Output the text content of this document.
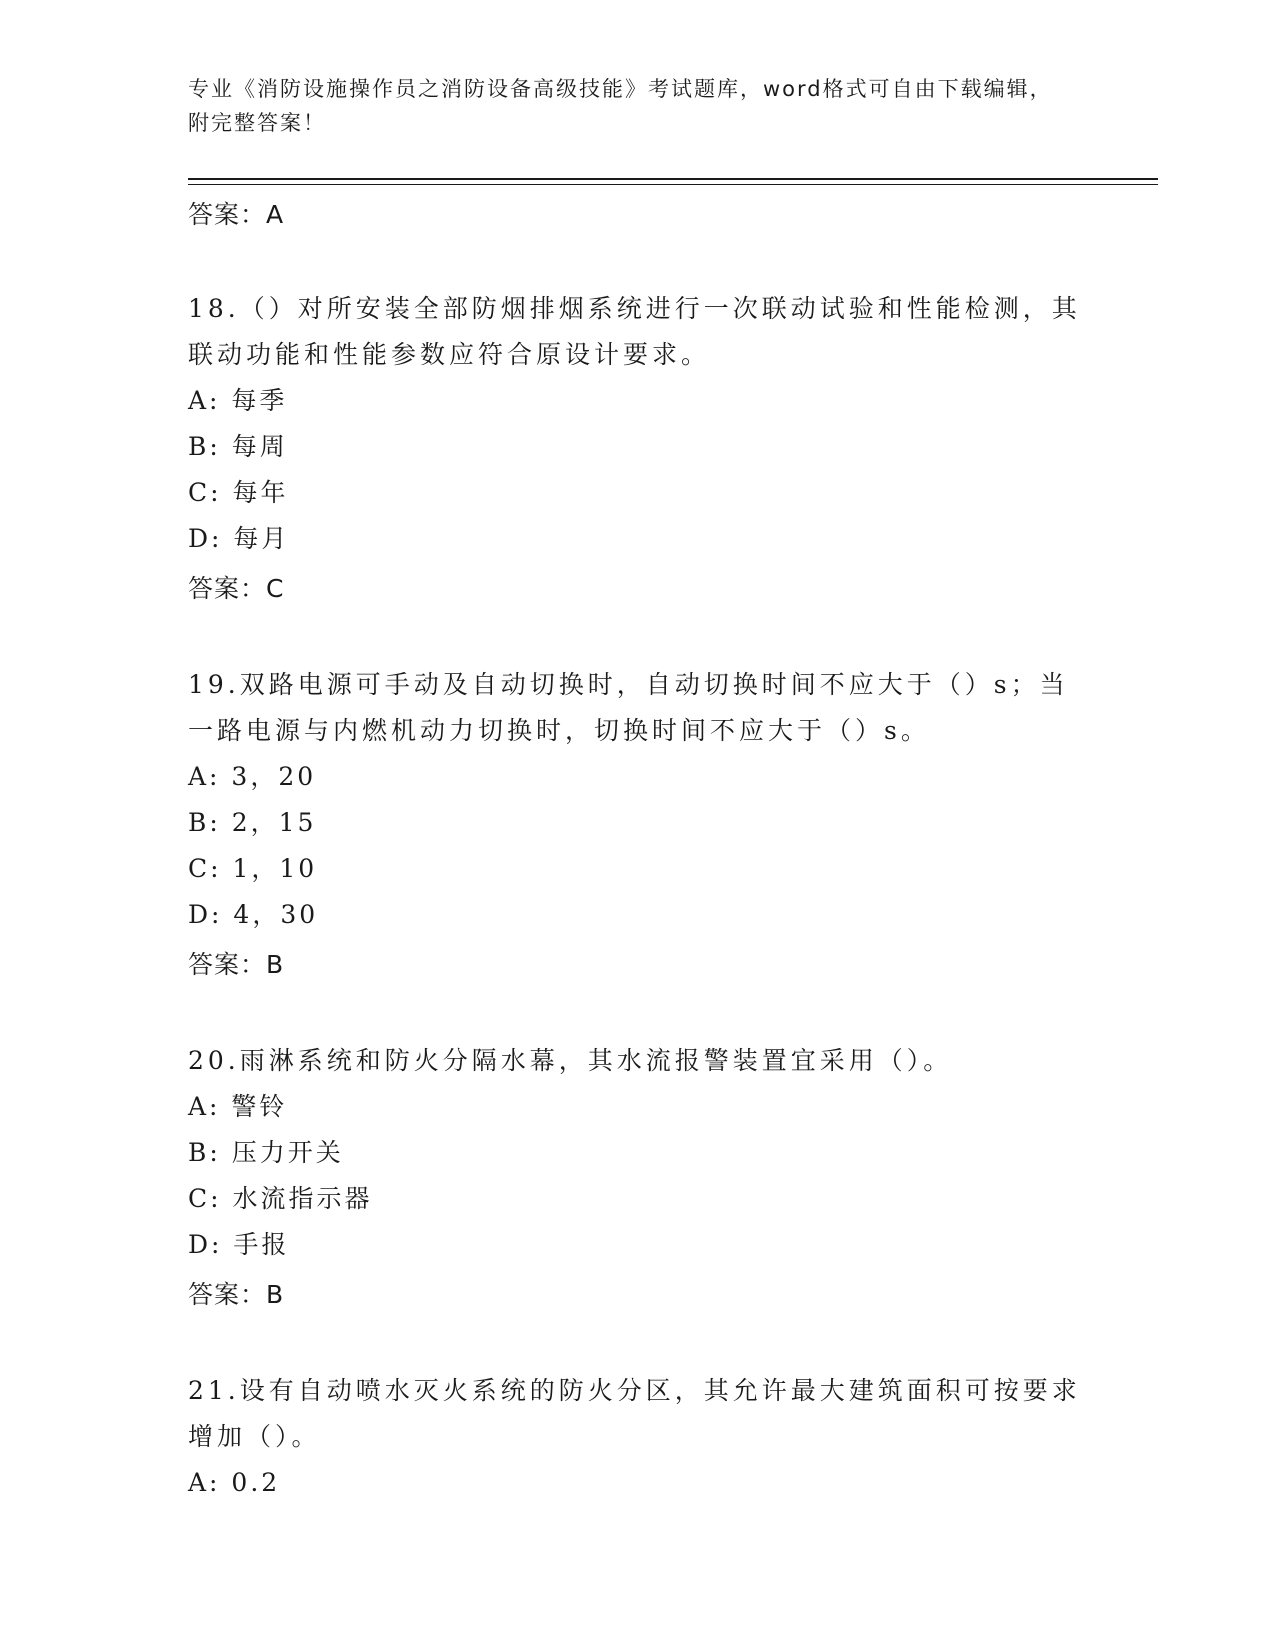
专业《消防设施操作员之消防设备高级技能》考试题库，word格式可自由下载编辑，附完整答案！
答案：A
18.（）对所安装全部防烟排烟系统进行一次联动试验和性能检测，其联动功能和性能参数应符合原设计要求。
A: 每季
B: 每周
C: 每年
D: 每月
答案：C
19.双路电源可手动及自动切换时，自动切换时间不应大于（）s；当一路电源与内燃机动力切换时，切换时间不应大于（）s。
A: 3，20
B: 2，15
C: 1，10
D: 4，30
答案：B
20.雨淋系统和防火分隔水幕，其水流报警装置宜采用（）。
A: 警铃
B: 压力开关
C: 水流指示器
D: 手报
答案：B
21.设有自动喷水灭火系统的防火分区，其允许最大建筑面积可按要求增加（）。
A: 0.2
